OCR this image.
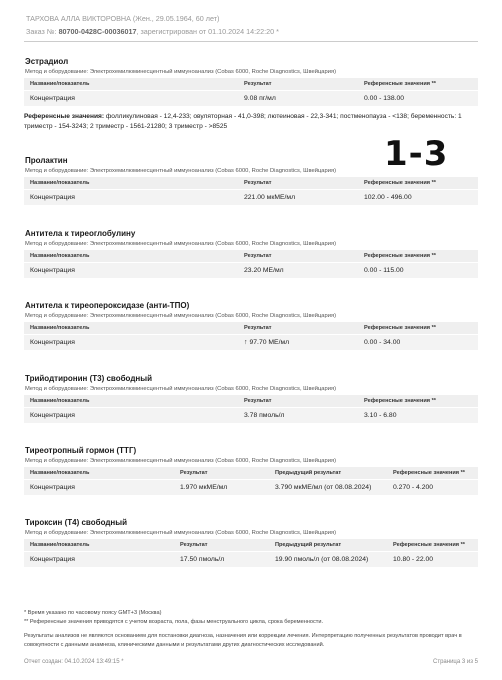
ТАРХОВА АЛЛА ВИКТОРОВНА (Жен., 29.05.1964, 60 лет)
Заказ №: 80700-0428С-00036017, зарегистрирован от 01.10.2024 14:22:20 *
1-3
Эстрадиол
Метод и оборудование: Электрохемилюминесцентный иммуноанализ (Cobas 6000, Roche Diagnostics, Швейцария)
Название/показатель	Результат	Референсные значения **
Концентрация	9.08 пг/мл	0.00 - 138.00
Референсные значения: фолликулиновая - 12,4-233; овуляторная - 41,0-398; лютеиновая - 22,3-341; постменопауза - <138; беременность: 1 триместр - 154-3243; 2 триместр - 1561-21280; 3 триместр - >8525
Пролактин
Метод и оборудование: Электрохемилюминесцентный иммуноанализ (Cobas 6000, Roche Diagnostics, Швейцария)
Название/показатель	Результат	Референсные значения **
Концентрация	221.00 мкМЕ/мл	102.00 - 496.00
Антитела к тиреоглобулину
Метод и оборудование: Электрохемилюминесцентный иммуноанализ (Cobas 6000, Roche Diagnostics, Швейцария)
Название/показатель	Результат	Референсные значения **
Концентрация	23.20 МЕ/мл	0.00 - 115.00
Антитела к тиреопероксидазе (анти-ТПО)
Метод и оборудование: Электрохемилюминесцентный иммуноанализ (Cobas 6000, Roche Diagnostics, Швейцария)
Название/показатель	Результат	Референсные значения **
Концентрация	↑ 97.70 МЕ/мл	0.00 - 34.00
Трийодтиронин (Т3) свободный
Метод и оборудование: Электрохемилюминесцентный иммуноанализ (Cobas 6000, Roche Diagnostics, Швейцария)
Название/показатель	Результат	Референсные значения **
Концентрация	3.78 пмоль/л	3.10 - 6.80
Тиреотропный гормон (ТТГ)
Метод и оборудование: Электрохемилюминесцентный иммуноанализ (Cobas 6000, Roche Diagnostics, Швейцария)
Название/показатель	Результат	Предыдущий результат	Референсные значения **
Концентрация	1.970 мкМЕ/мл	3.790 мкМЕ/мл (от 08.08.2024)	0.270 - 4.200
Тироксин (Т4) свободный
Метод и оборудование: Электрохемилюминесцентный иммуноанализ (Cobas 6000, Roche Diagnostics, Швейцария)
Название/показатель	Результат	Предыдущий результат	Референсные значения **
Концентрация	17.50 пмоль/л	19.90 пмоль/л (от 08.08.2024)	10.80 - 22.00
* Время указано по часовому поясу GMT+3 (Москва)
** Референсные значения приводятся с учетом возраста, пола, фазы менструального цикла, срока беременности.
Результаты анализов не являются основанием для постановки диагноза, назначения или коррекции лечения. Интерпретацию полученных результатов проводит врач в совокупности с данными анамнеза, клиническими данными и результатами других диагностических исследований.
Отчет создан: 04.10.2024 13:49:15 *	Страница 3 из 5
